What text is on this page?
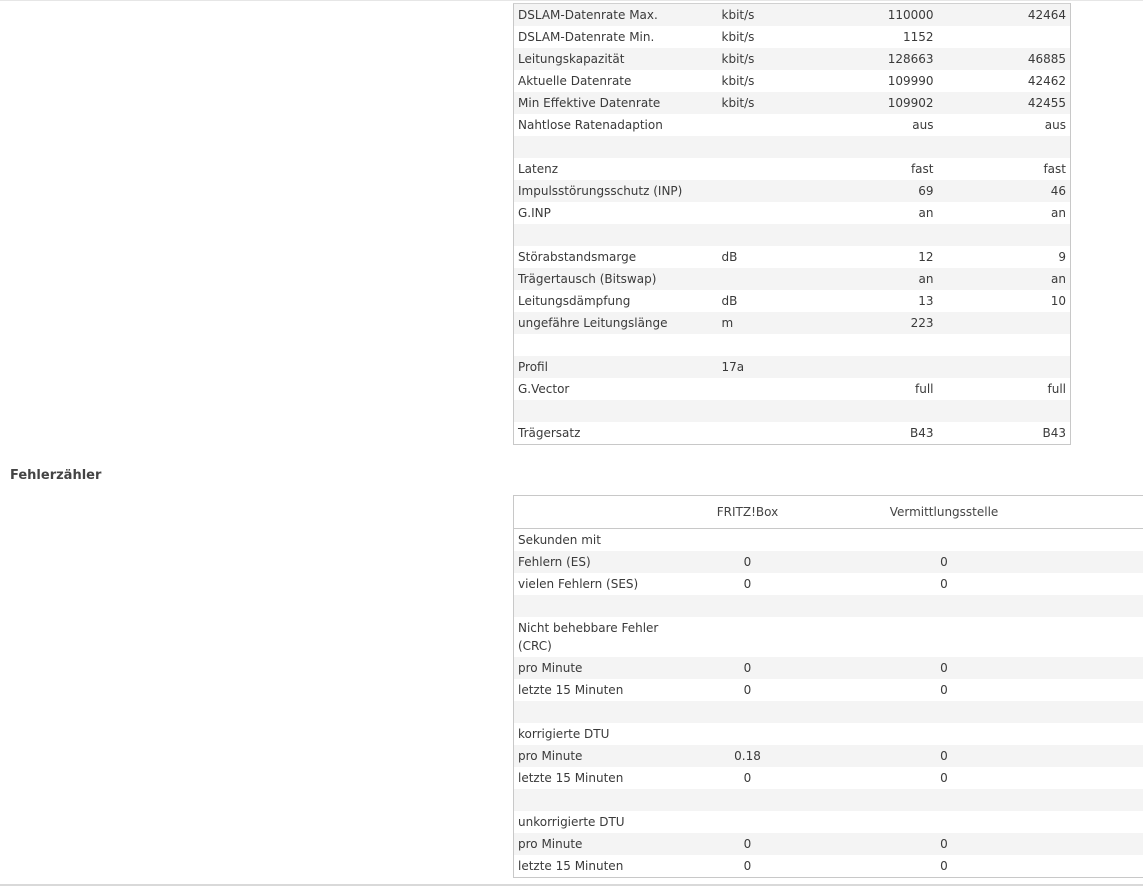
DSLAM-Datenrate Max.	kbit/s	110000	42464
DSLAM-Datenrate Min.	kbit/s	1152	
Leitungskapazität	kbit/s	128663	46885
Aktuelle Datenrate	kbit/s	109990	42462
Min Effektive Datenrate	kbit/s	109902	42455
Nahtlose Ratenadaption		aus	aus

Latenz		fast	fast
Impulsstörungsschutz (INP)		69	46
G.INP		an	an

Störabstandsmarge	dB	12	9
Trägertausch (Bitswap)		an	an
Leitungsdämpfung	dB	13	10
ungefähre Leitungslänge	m	223	

Profil	17a		
G.Vector		full	full

Trägersatz		B43	B43
Fehlerzähler
	FRITZ!Box	Vermittlungsstelle	
Sekunden mit			
Fehlern (ES)	0	0	
vielen Fehlern (SES)	0	0	

Nicht behebbare Fehler (CRC)			
pro Minute	0	0	
letzte 15 Minuten	0	0	

korrigierte DTU			
pro Minute	0.18	0	
letzte 15 Minuten	0	0	

unkorrigierte DTU			
pro Minute	0	0	
letzte 15 Minuten	0	0	
